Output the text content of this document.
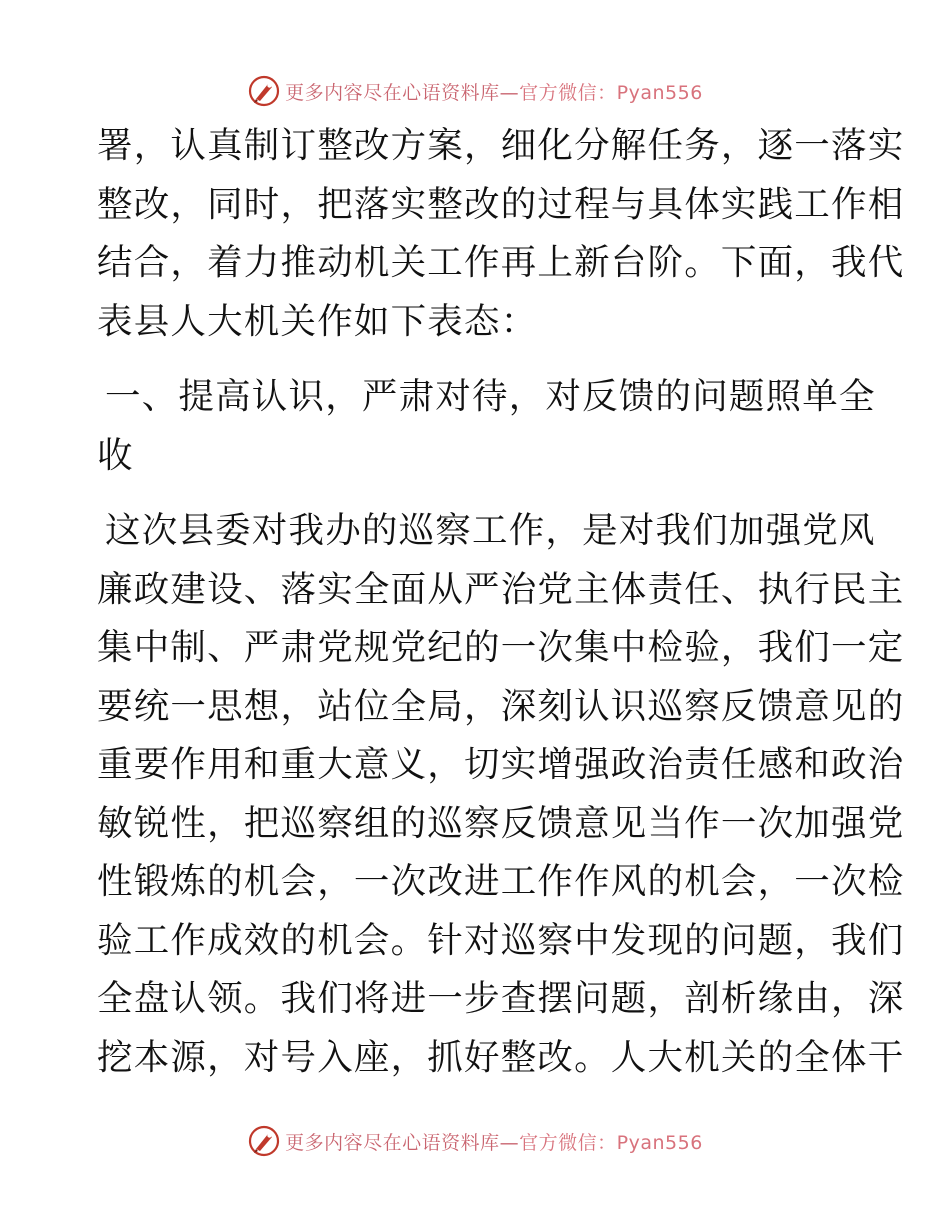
更多内容尽在心语资料库—官方微信：Pyan556
署，认真制订整改方案，细化分解任务，逐一落实
整改，同时，把落实整改的过程与具体实践工作相
结合，着力推动机关工作再上新台阶。下面，我代
表县人大机关作如下表态：
一、提高认识，严肃对待，对反馈的问题照单全
收
这次县委对我办的巡察工作，是对我们加强党风
廉政建设、落实全面从严治党主体责任、执行民主
集中制、严肃党规党纪的一次集中检验，我们一定
要统一思想，站位全局，深刻认识巡察反馈意见的
重要作用和重大意义，切实增强政治责任感和政治
敏锐性，把巡察组的巡察反馈意见当作一次加强党
性锻炼的机会，一次改进工作作风的机会，一次检
验工作成效的机会。针对巡察中发现的问题，我们
全盘认领。我们将进一步查摆问题，剖析缘由，深
挖本源，对号入座，抓好整改。人大机关的全体干
更多内容尽在心语资料库—官方微信：Pyan556
